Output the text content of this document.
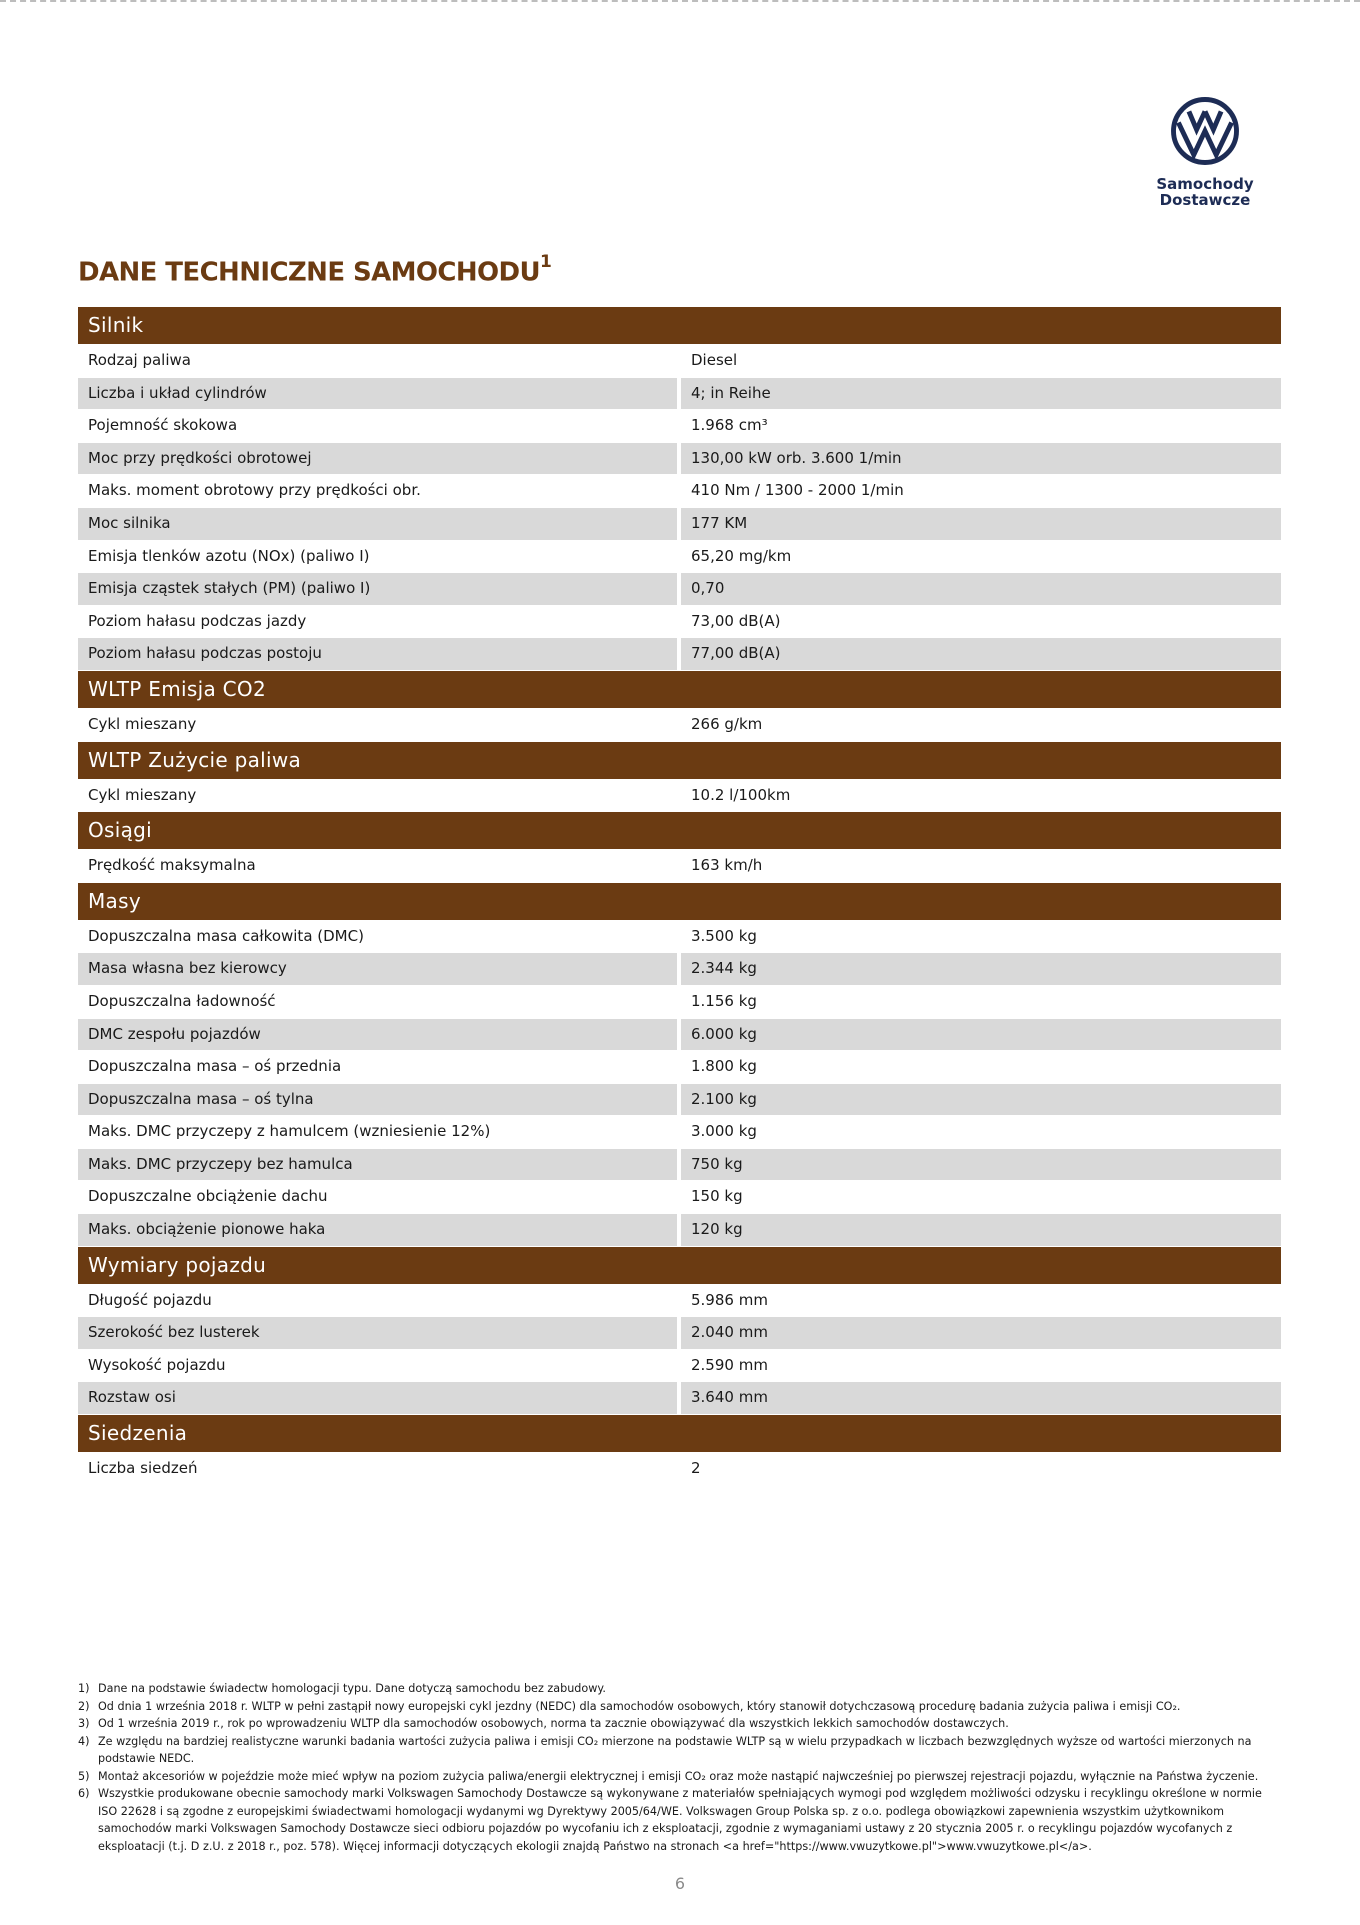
Samochody
Dostawcze
DANE TECHNICZNE SAMOCHODU$^1$
Silnik
Rodzaj paliwa	Diesel
Liczba i układ cylindrów	4; in Reihe
Pojemność skokowa	1.968 cm³
Moc przy prędkości obrotowej	130,00 kW orb. 3.600 1/min
Maks. moment obrotowy przy prędkości obr.	410 Nm / 1300 - 2000 1/min
Moc silnika	177 KM
Emisja tlenków azotu (NOx) (paliwo I)	65,20 mg/km
Emisja cząstek stałych (PM) (paliwo I)	0,70
Poziom hałasu podczas jazdy	73,00 dB(A)
Poziom hałasu podczas postoju	77,00 dB(A)
WLTP Emisja CO2
Cykl mieszany	266 g/km
WLTP Zużycie paliwa
Cykl mieszany	10.2 l/100km
Osiągi
Prędkość maksymalna	163 km/h
Masy
Dopuszczalna masa całkowita (DMC)	3.500 kg
Masa własna bez kierowcy	2.344 kg
Dopuszczalna ładowność	1.156 kg
DMC zespołu pojazdów	6.000 kg
Dopuszczalna masa – oś przednia	1.800 kg
Dopuszczalna masa – oś tylna	2.100 kg
Maks. DMC przyczepy z hamulcem (wzniesienie 12%)	3.000 kg
Maks. DMC przyczepy bez hamulca	750 kg
Dopuszczalne obciążenie dachu	150 kg
Maks. obciążenie pionowe haka	120 kg
Wymiary pojazdu
Długość pojazdu	5.986 mm
Szerokość bez lusterek	2.040 mm
Wysokość pojazdu	2.590 mm
Rozstaw osi	3.640 mm
Siedzenia
Liczba siedzeń	2
1) Dane na podstawie świadectw homologacji typu. Dane dotyczą samochodu bez zabudowy.
2) Od dnia 1 września 2018 r. WLTP w pełni zastąpił nowy europejski cykl jezdny (NEDC) dla samochodów osobowych, który stanowił dotychczasową procedurę badania zużycia paliwa i emisji CO₂.
3) Od 1 września 2019 r., rok po wprowadzeniu WLTP dla samochodów osobowych, norma ta zacznie obowiązywać dla wszystkich lekkich samochodów dostawczych.
4) Ze względu na bardziej realistyczne warunki badania wartości zużycia paliwa i emisji CO₂ mierzone na podstawie WLTP są w wielu przypadkach w liczbach bezwzględnych wyższe od wartości mierzonych na podstawie NEDC.
5) Montaż akcesoriów w pojeździe może mieć wpływ na poziom zużycia paliwa/energii elektrycznej i emisji CO₂ oraz może nastąpić najwcześniej po pierwszej rejestracji pojazdu, wyłącznie na Państwa życzenie.
6) Wszystkie produkowane obecnie samochody marki Volkswagen Samochody Dostawcze są wykonywane z materiałów spełniających wymogi pod względem możliwości odzysku i recyklingu określone w normie ISO 22628 i są zgodne z europejskimi świadectwami homologacji wydanymi wg Dyrektywy 2005/64/WE. Volkswagen Group Polska sp. z o.o. podlega obowiązkowi zapewnienia wszystkim użytkownikom samochodów marki Volkswagen Samochody Dostawcze sieci odbioru pojazdów po wycofaniu ich z eksploatacji, zgodnie z wymaganiami ustawy z 20 stycznia 2005 r. o recyklingu pojazdów wycofanych z eksploatacji (t.j. D z.U. z 2018 r., poz. 578). Więcej informacji dotyczących ekologii znajdą Państwo na stronach <a href="https://www.vwuzytkowe.pl">www.vwuzytkowe.pl</a>.
6
